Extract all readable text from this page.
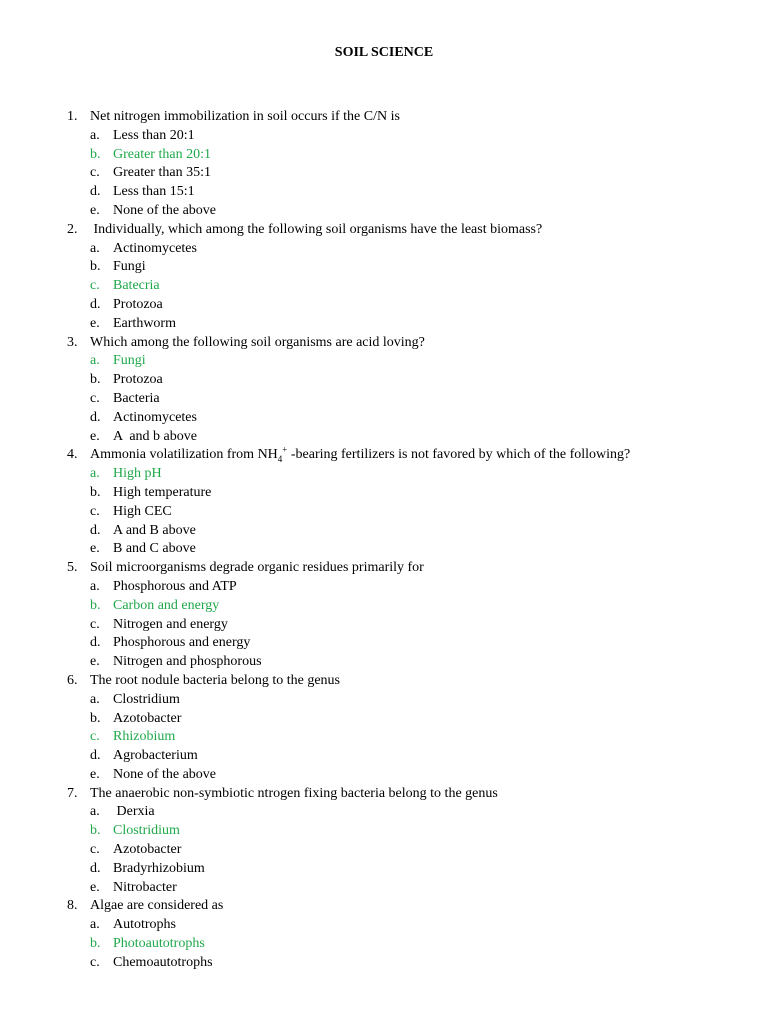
SOIL SCIENCE
1. Net nitrogen immobilization in soil occurs if the C/N is
a. Less than 20:1
b. Greater than 20:1
c. Greater than 35:1
d. Less than 15:1
e. None of the above
2. Individually, which among the following soil organisms have the least biomass?
a. Actinomycetes
b. Fungi
c. Batecria
d. Protozoa
e. Earthworm
3. Which among the following soil organisms are acid loving?
a. Fungi
b. Protozoa
c. Bacteria
d. Actinomycetes
e. A  and b above
4. Ammonia volatilization from $NH_4^+$ -bearing fertilizers is not favored by which of the following?
a. High pH
b. High temperature
c. High CEC
d. A and B above
e. B and C above
5. Soil microorganisms degrade organic residues primarily for
a. Phosphorous and ATP
b. Carbon and energy
c. Nitrogen and energy
d. Phosphorous and energy
e. Nitrogen and phosphorous
6. The root nodule bacteria belong to the genus
a. Clostridium
b. Azotobacter
c. Rhizobium
d. Agrobacterium
e. None of the above
7. The anaerobic non-symbiotic ntrogen fixing bacteria belong to the genus
a. Derxia
b. Clostridium
c. Azotobacter
d. Bradyrhizobium
e. Nitrobacter
8. Algae are considered as
a. Autotrophs
b. Photoautotrophs
c. Chemoautotrophs
